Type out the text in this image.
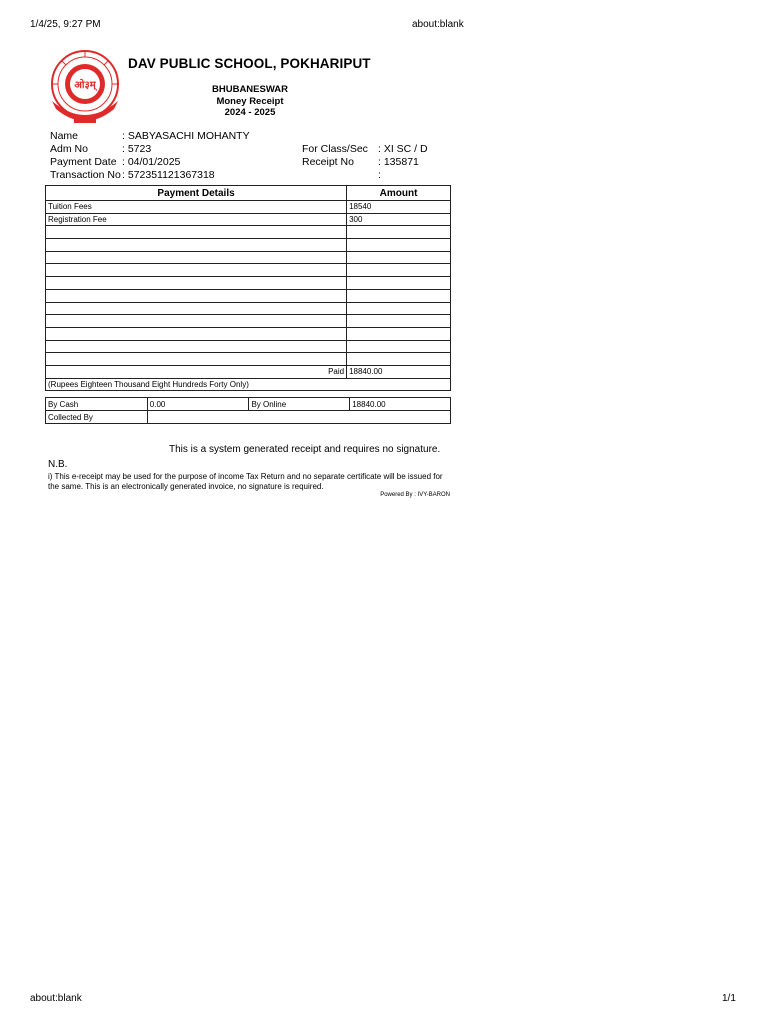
1/4/25, 9:27 PM	about:blank
ओ३म्
DAV PUBLIC SCHOOL, POKHARIPUT
BHUBANESWAR
Money Receipt
2024 - 2025
Name	: SABYASACHI MOHANTY
Adm No	: 5723	For Class/Sec : XI SC / D
Payment Date : 04/01/2025	Receipt No : 135871
Transaction No : 572351121367318	:
Payment Details	Amount
Tuition Fees	18540
Registration Fee	300

Paid	18840.00
(Rupees Eighteen Thousand Eight Hundreds Forty Only)	
By Cash	0.00	By Online	18840.00
Collected By			
This is a system generated receipt and requires no signature.
N.B.
i) This e-receipt may be used for the purpose of income Tax Return and no separate certificate will be issued for the same. This is an electronically generated invoice, no signature is required.
Powered By : IVY-BARON
about:blank	1/1
